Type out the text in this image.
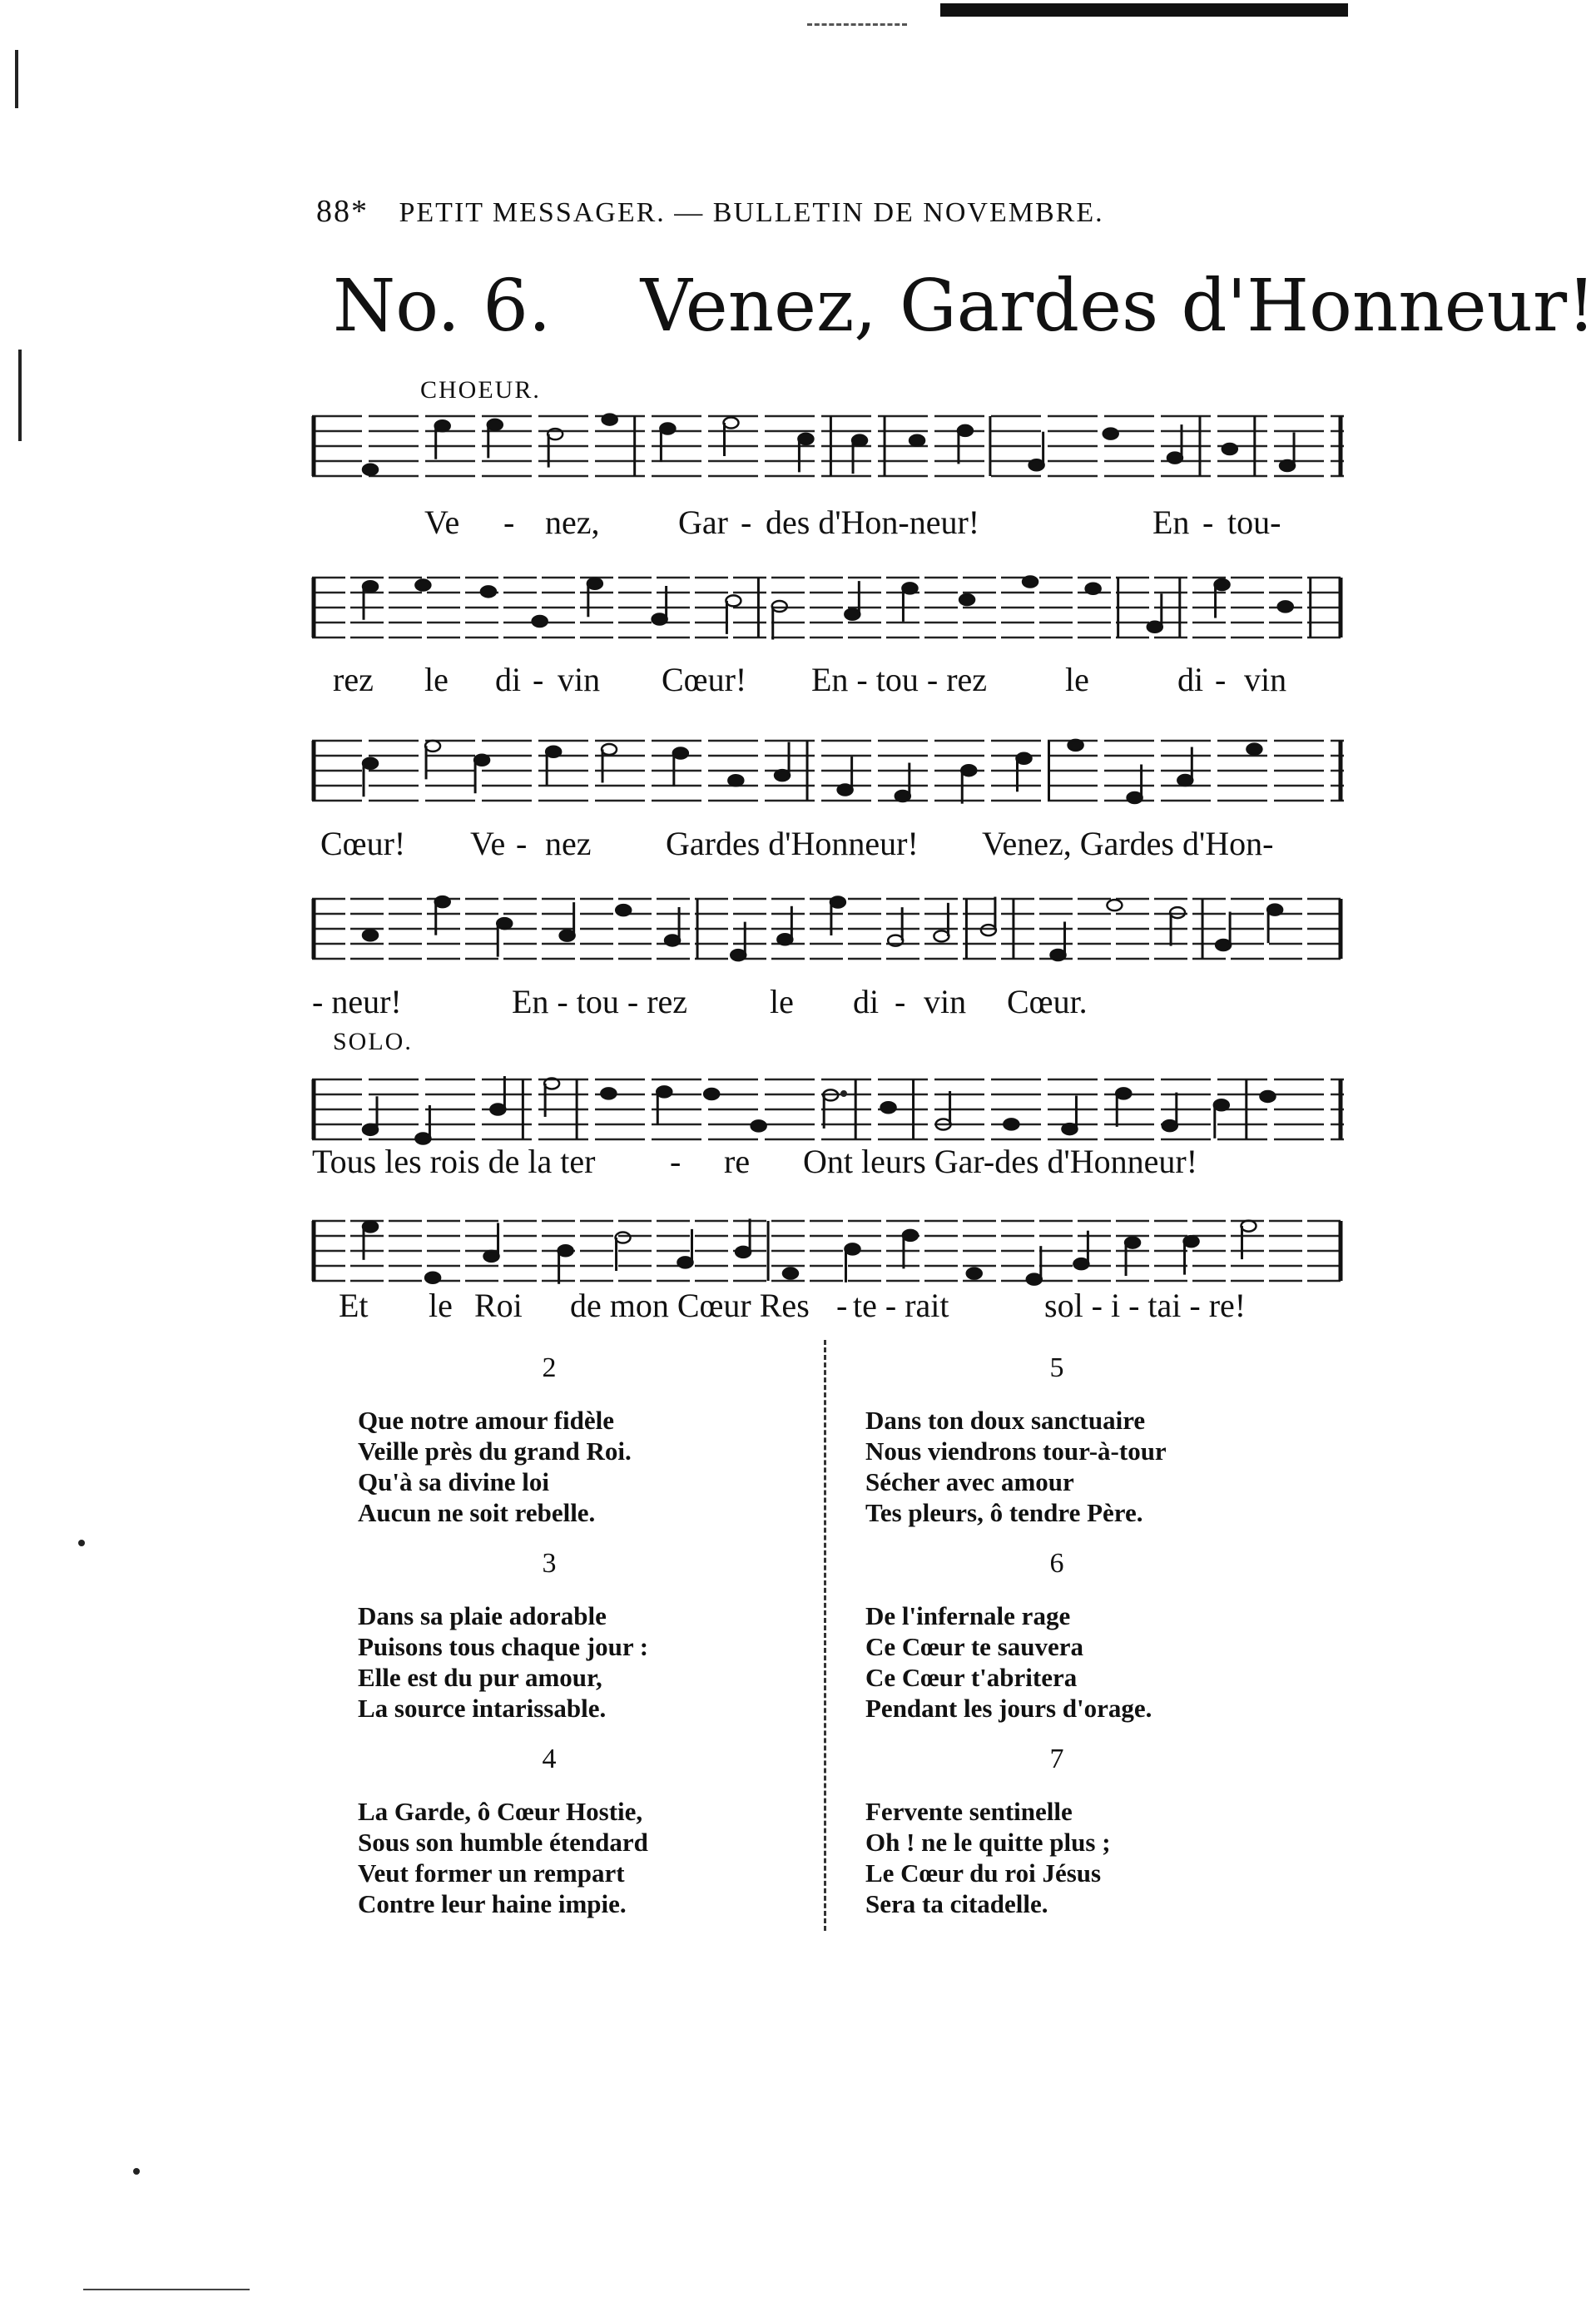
88* PETIT MESSAGER. — BULLETIN DE NOVEMBRE.
No. 6. Venez, Gardes d'Honneur!
CHOEUR.
SOLO.
Ve - nez, Gar - des d'Hon-neur!	En - tou-
rez le di - vin Cœur! En - tou - rez le	di - vin
Cœur! Ve - nez Gardes d'Honneur! Venez, Gardes d'Hon-
- neur!	En - tou - rez le di - vin Cœur.
Tous les rois de la ter - re Ont leurs Gar-des d'Honneur!
Et le Roi de mon Cœur Res - te - rait	sol - i - tai - re!
2
Que notre amour fidèle
Veille près du grand Roi.
Qu'à sa divine loi
Aucun ne soit rebelle.
3
Dans sa plaie adorable
Puisons tous chaque jour :
Elle est du pur amour,
La source intarissable.
4
La Garde, ô Cœur Hostie,
Sous son humble étendard
Veut former un rempart
Contre leur haine impie.
5
Dans ton doux sanctuaire
Nous viendrons tour-à-tour
Sécher avec amour
Tes pleurs, ô tendre Père.
6
De l'infernale rage
Ce Cœur te sauvera
Ce Cœur t'abritera
Pendant les jours d'orage.
7
Fervente sentinelle
Oh ! ne le quitte plus ;
Le Cœur du roi Jésus
Sera ta citadelle.
